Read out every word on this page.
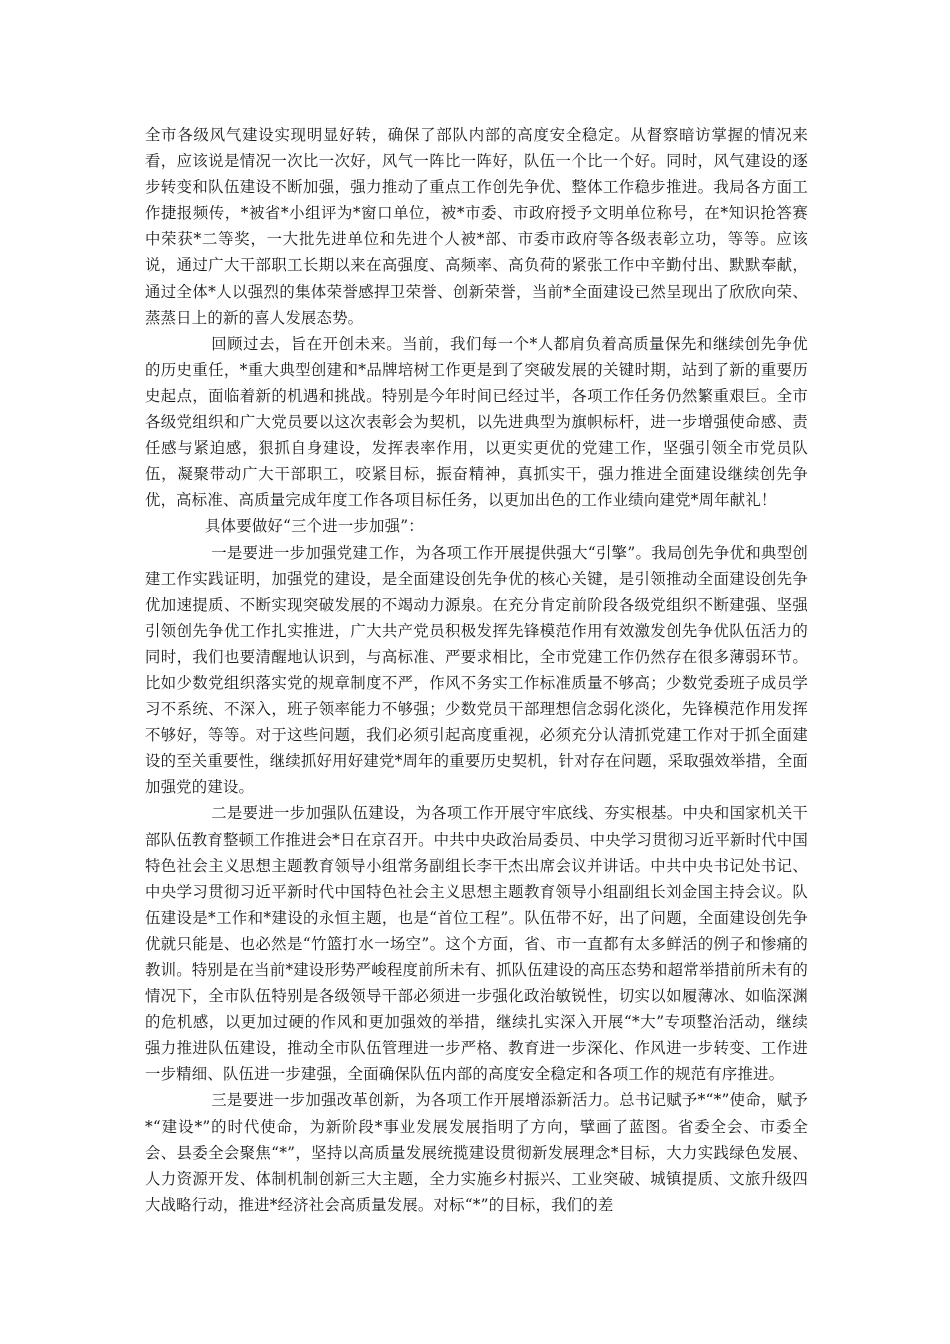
全市各级风气建设实现明显好转，确保了部队内部的高度安全稳定。从督察暗访掌握的情况来看，应该说是情况一次比一次好，风气一阵比一阵好，队伍一个比一个好。同时，风气建设的逐步转变和队伍建设不断加强，强力推动了重点工作创先争优、整体工作稳步推进。我局各方面工作捷报频传，*被省*小组评为*窗口单位，被*市委、市政府授予文明单位称号，在*知识抢答赛中荣获*二等奖，一大批先进单位和先进个人被*部、市委市政府等各级表彰立功，等等。应该说，通过广大干部职工长期以来在高强度、高频率、高负荷的紧张工作中辛勤付出、默默奉献，通过全体*人以强烈的集体荣誉感捍卫荣誉、创新荣誉，当前*全面建设已然呈现出了欣欣向荣、蒸蒸日上的新的喜人发展态势。

回顾过去，旨在开创未来。当前，我们每一个*人都肩负着高质量保先和继续创先争优的历史重任，*重大典型创建和*品牌培树工作更是到了突破发展的关键时期，站到了新的重要历史起点，面临着新的机遇和挑战。特别是今年时间已经过半，各项工作任务仍然繁重艰巨。全市各级党组织和广大党员要以这次表彰会为契机，以先进典型为旗帜标杆，进一步增强使命感、责任感与紧迫感，狠抓自身建设，发挥表率作用，以更实更优的党建工作，坚强引领全市党员队伍，凝聚带动广大干部职工，咬紧目标，振奋精神，真抓实干，强力推进全面建设继续创先争优，高标准、高质量完成年度工作各项目标任务，以更加出色的工作业绩向建党*周年献礼！

具体要做好“三个进一步加强”：

一是要进一步加强党建工作，为各项工作开展提供强大“引擎”。我局创先争优和典型创建工作实践证明，加强党的建设，是全面建设创先争优的核心关键，是引领推动全面建设创先争优加速提质、不断实现突破发展的不竭动力源泉。在充分肯定前阶段各级党组织不断建强、坚强引领创先争优工作扎实推进，广大共产党员积极发挥先锋模范作用有效激发创先争优队伍活力的同时，我们也要清醒地认识到，与高标准、严要求相比，全市党建工作仍然存在很多薄弱环节。比如少数党组织落实党的规章制度不严，作风不务实工作标准质量不够高；少数党委班子成员学习不系统、不深入，班子领率能力不够强；少数党员干部理想信念弱化淡化，先锋模范作用发挥不够好，等等。对于这些问题，我们必须引起高度重视，必须充分认清抓党建工作对于抓全面建设的至关重要性，继续抓好用好建党*周年的重要历史契机，针对存在问题，采取强效举措，全面加强党的建设。

二是要进一步加强队伍建设，为各项工作开展守牢底线、夯实根基。中央和国家机关干部队伍教育整顿工作推进会*日在京召开。中共中央政治局委员、中央学习贯彻习近平新时代中国特色社会主义思想主题教育领导小组常务副组长李干杰出席会议并讲话。中共中央书记处书记、中央学习贯彻习近平新时代中国特色社会主义思想主题教育领导小组副组长刘金国主持会议。队伍建设是*工作和*建设的永恒主题，也是“首位工程”。队伍带不好，出了问题，全面建设创先争优就只能是、也必然是“竹篮打水一场空”。这个方面，省、市一直都有太多鲜活的例子和惨痛的教训。特别是在当前*建设形势严峻程度前所未有、抓队伍建设的高压态势和超常举措前所未有的情况下，全市队伍特别是各级领导干部必须进一步强化政治敏锐性，切实以如履薄冰、如临深渊的危机感，以更加过硬的作风和更加强效的举措，继续扎实深入开展“*大”专项整治活动，继续强力推进队伍建设，推动全市队伍管理进一步严格、教育进一步深化、作风进一步转变、工作进一步精细、队伍进一步建强，全面确保队伍内部的高度安全稳定和各项工作的规范有序推进。

三是要进一步加强改革创新，为各项工作开展增添新活力。总书记赋予*“*”使命，赋予*“建设*”的时代使命，为新阶段*事业发展发展指明了方向，擘画了蓝图。省委全会、市委全会、县委全会聚焦“*”，坚持以高质量发展统揽建设贯彻新发展理念*目标，大力实践绿色发展、人力资源开发、体制机制创新三大主题，全力实施乡村振兴、工业突破、城镇提质、文旅升级四大战略行动，推进*经济社会高质量发展。对标“*”的目标，我们的差
